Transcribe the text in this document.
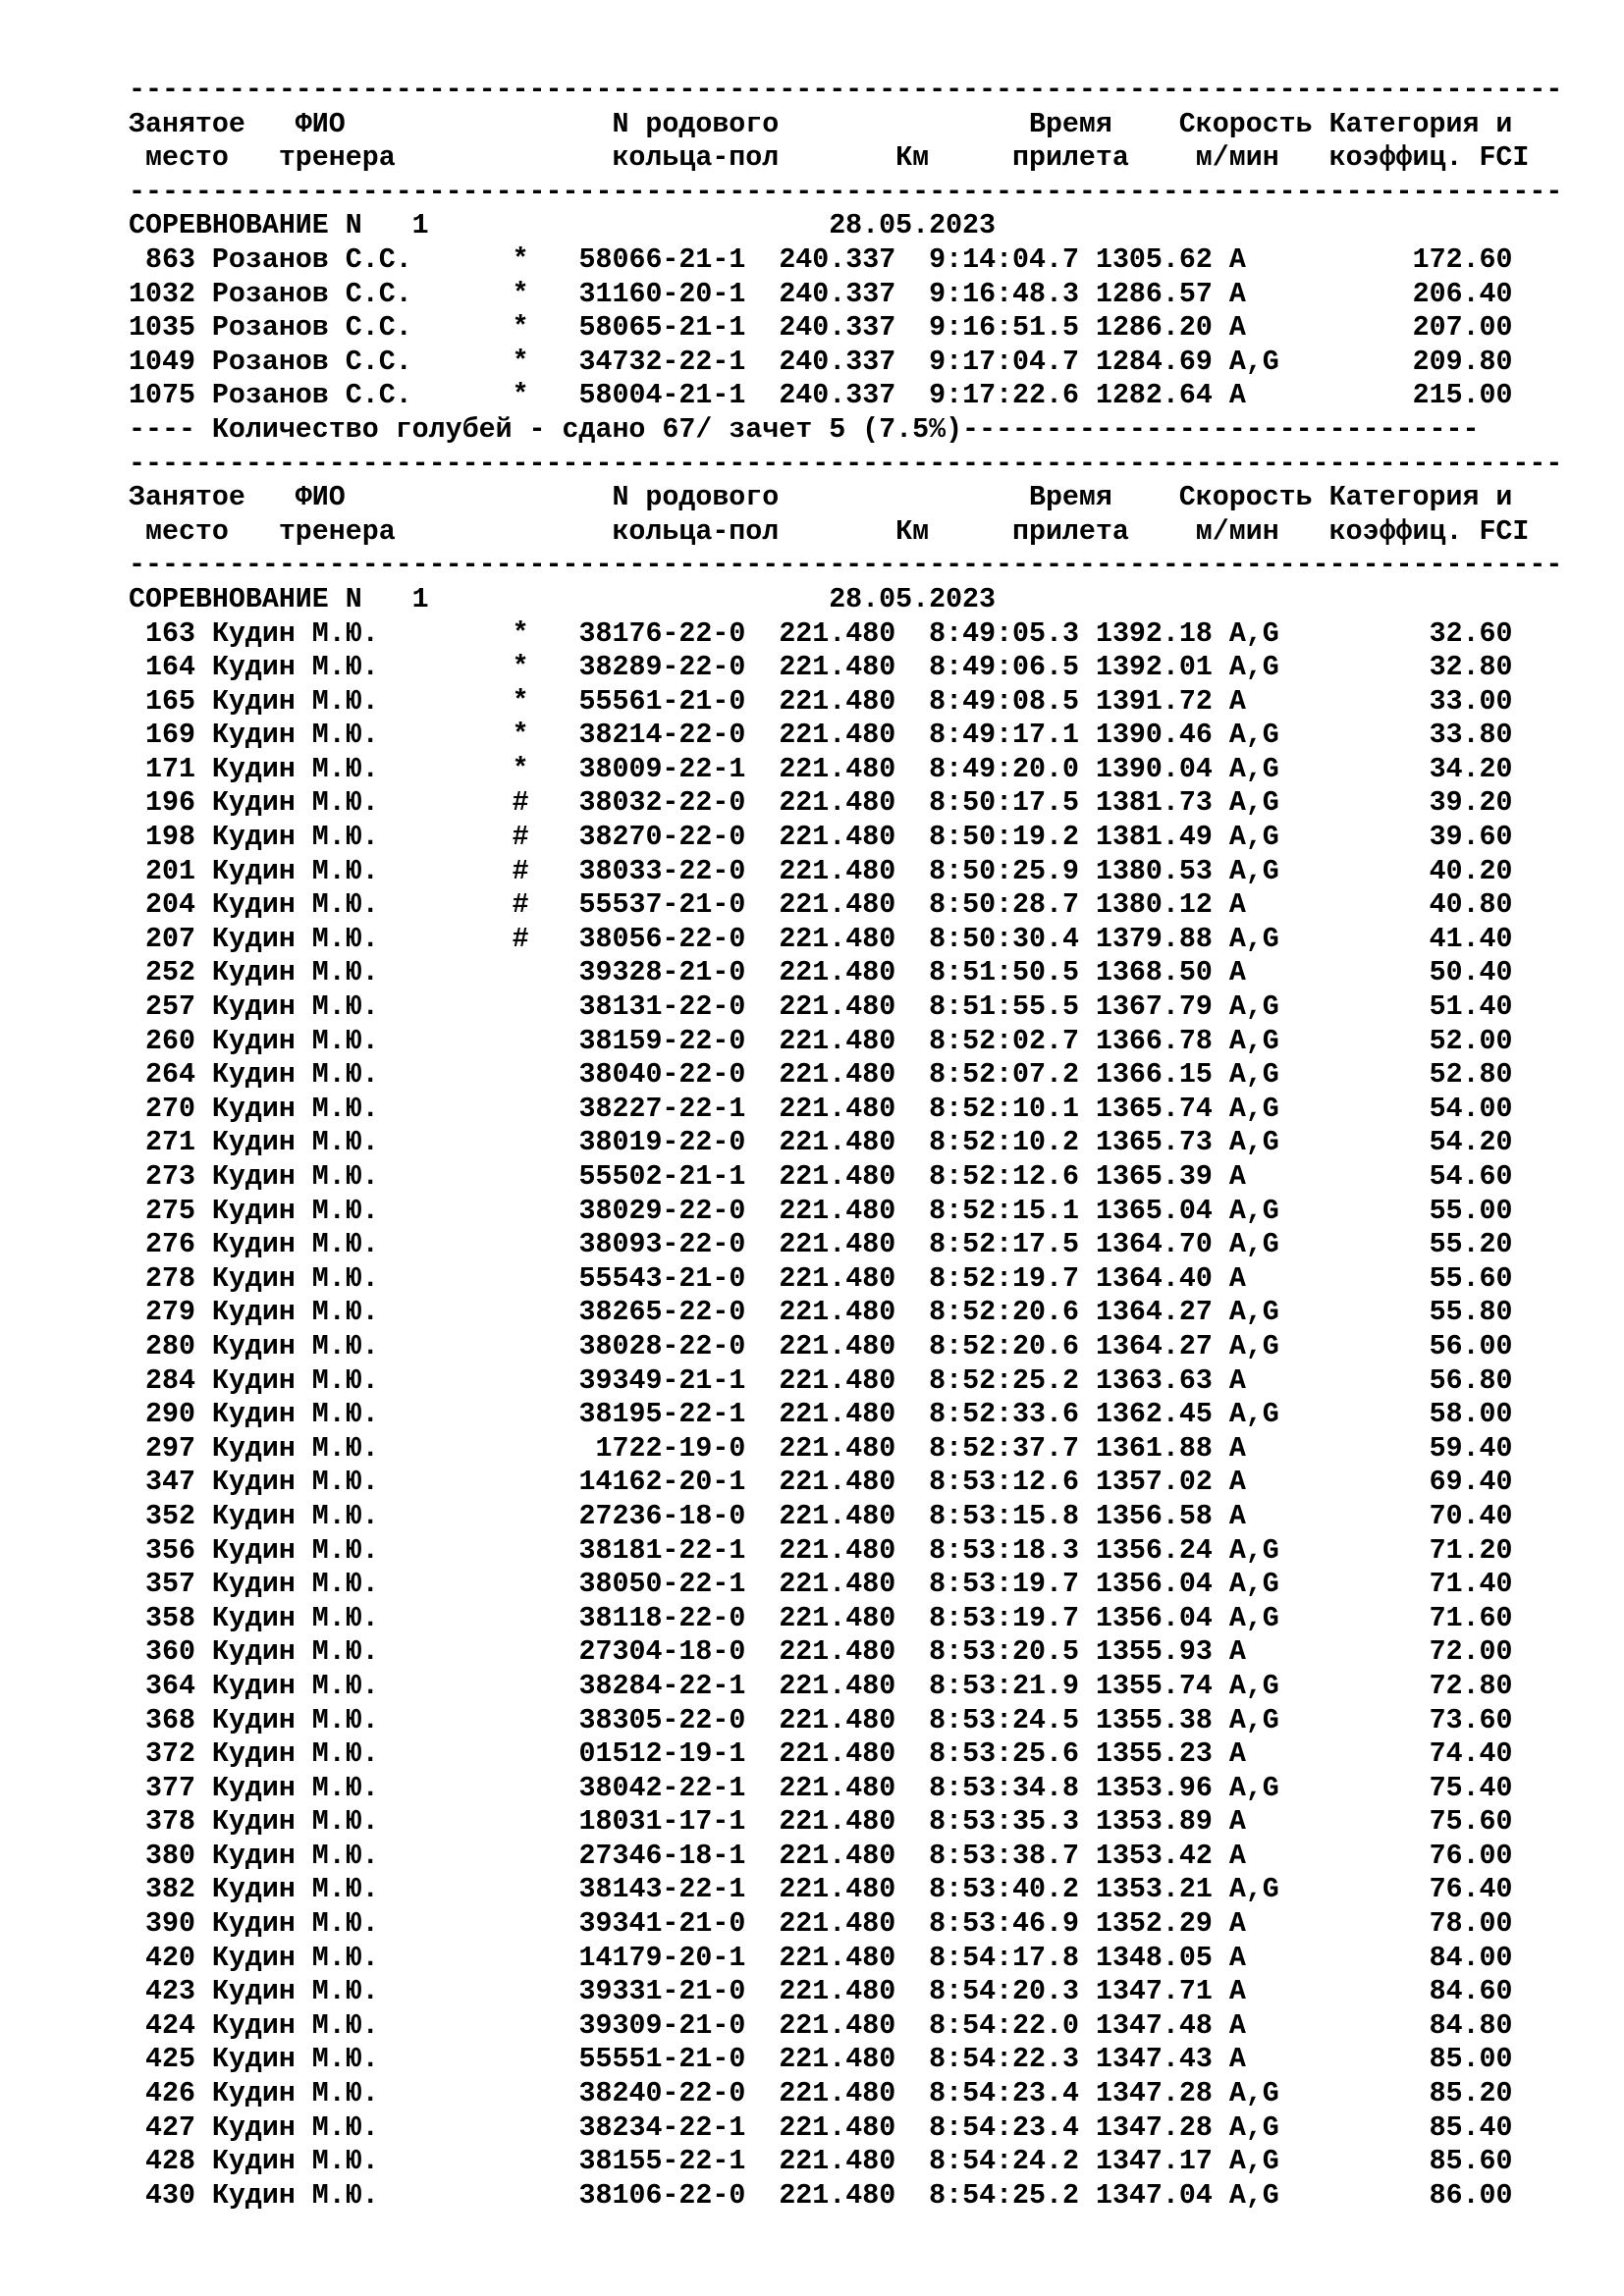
--------------------------------------------------------------------------------------
Занятое   ФИО                N родового               Время    Скорость Категория и
место   тренера             кольца-пол       Км     прилета    м/мин   коэффиц. FCI
--------------------------------------------------------------------------------------
СОРЕВНОВАНИЕ N   1                        28.05.2023
863 Розанов С.С.	*   58066-21-1 240.337 9:14:04.7 1305.62 A          172.60
1032 Розанов С.С.	*   31160-20-1 240.337 9:16:48.3 1286.57 A          206.40
1035 Розанов С.С.	*   58065-21-1 240.337 9:16:51.5 1286.20 A          207.00
1049 Розанов С.С.	*   34732-22-1 240.337 9:17:04.7 1284.69 A,G        209.80
1075 Розанов С.С.	*   58004-21-1 240.337 9:17:22.6 1282.64 A          215.00
---- Количество голубей - сдано 67/ зачет 5 (7.5%)-------------------------------
--------------------------------------------------------------------------------------
Занятое   ФИО                N родового               Время    Скорость Категория и
место   тренера             кольца-пол       Км     прилета    м/мин   коэффиц. FCI
--------------------------------------------------------------------------------------
СОРЕВНОВАНИЕ N   1                        28.05.2023
163 Кудин М.Ю.	*   38176-22-0 221.480 8:49:05.3 1392.18 A,G         32.60
164 Кудин М.Ю.	*   38289-22-0 221.480 8:49:06.5 1392.01 A,G         32.80
165 Кудин М.Ю.	*   55561-21-0 221.480 8:49:08.5 1391.72 A           33.00
169 Кудин М.Ю.	*   38214-22-0 221.480 8:49:17.1 1390.46 A,G         33.80
171 Кудин М.Ю.	*   38009-22-1 221.480 8:49:20.0 1390.04 A,G         34.20
196 Кудин М.Ю.	#   38032-22-0 221.480 8:50:17.5 1381.73 A,G         39.20
198 Кудин М.Ю.	#   38270-22-0 221.480 8:50:19.2 1381.49 A,G         39.60
201 Кудин М.Ю.	#   38033-22-0 221.480 8:50:25.9 1380.53 A,G         40.20
204 Кудин М.Ю.	#   55537-21-0 221.480 8:50:28.7 1380.12 A           40.80
207 Кудин М.Ю.	#   38056-22-0 221.480 8:50:30.4 1379.88 A,G         41.40
252 Кудин М.Ю.	39328-21-0 221.480 8:51:50.5 1368.50 A           50.40
257 Кудин М.Ю.	38131-22-0 221.480 8:51:55.5 1367.79 A,G         51.40
260 Кудин М.Ю.	38159-22-0 221.480 8:52:02.7 1366.78 A,G         52.00
264 Кудин М.Ю.	38040-22-0 221.480 8:52:07.2 1366.15 A,G         52.80
270 Кудин М.Ю.	38227-22-1 221.480 8:52:10.1 1365.74 A,G         54.00
271 Кудин М.Ю.	38019-22-0 221.480 8:52:10.2 1365.73 A,G         54.20
273 Кудин М.Ю.	55502-21-1 221.480 8:52:12.6 1365.39 A           54.60
275 Кудин М.Ю.	38029-22-0 221.480 8:52:15.1 1365.04 A,G         55.00
276 Кудин М.Ю.	38093-22-0 221.480 8:52:17.5 1364.70 A,G         55.20
278 Кудин М.Ю.	55543-21-0 221.480 8:52:19.7 1364.40 A           55.60
279 Кудин М.Ю.	38265-22-0 221.480 8:52:20.6 1364.27 A,G         55.80
280 Кудин М.Ю.	38028-22-0 221.480 8:52:20.6 1364.27 A,G         56.00
284 Кудин М.Ю.	39349-21-1 221.480 8:52:25.2 1363.63 A           56.80
290 Кудин М.Ю.	38195-22-1 221.480 8:52:33.6 1362.45 A,G         58.00
297 Кудин М.Ю.	1722-19-0 221.480 8:52:37.7 1361.88 A           59.40
347 Кудин М.Ю.	14162-20-1 221.480 8:53:12.6 1357.02 A           69.40
352 Кудин М.Ю.	27236-18-0 221.480 8:53:15.8 1356.58 A           70.40
356 Кудин М.Ю.	38181-22-1 221.480 8:53:18.3 1356.24 A,G         71.20
357 Кудин М.Ю.	38050-22-1 221.480 8:53:19.7 1356.04 A,G         71.40
358 Кудин М.Ю.	38118-22-0 221.480 8:53:19.7 1356.04 A,G         71.60
360 Кудин М.Ю.	27304-18-0 221.480 8:53:20.5 1355.93 A           72.00
364 Кудин М.Ю.	38284-22-1 221.480 8:53:21.9 1355.74 A,G         72.80
368 Кудин М.Ю.	38305-22-0 221.480 8:53:24.5 1355.38 A,G         73.60
372 Кудин М.Ю.	01512-19-1 221.480 8:53:25.6 1355.23 A           74.40
377 Кудин М.Ю.	38042-22-1 221.480 8:53:34.8 1353.96 A,G         75.40
378 Кудин М.Ю.	18031-17-1 221.480 8:53:35.3 1353.89 A           75.60
380 Кудин М.Ю.	27346-18-1 221.480 8:53:38.7 1353.42 A           76.00
382 Кудин М.Ю.	38143-22-1 221.480 8:53:40.2 1353.21 A,G         76.40
390 Кудин М.Ю.	39341-21-0 221.480 8:53:46.9 1352.29 A           78.00
420 Кудин М.Ю.	14179-20-1 221.480 8:54:17.8 1348.05 A           84.00
423 Кудин М.Ю.	39331-21-0 221.480 8:54:20.3 1347.71 A           84.60
424 Кудин М.Ю.	39309-21-0 221.480 8:54:22.0 1347.48 A           84.80
425 Кудин М.Ю.	55551-21-0 221.480 8:54:22.3 1347.43 A           85.00
426 Кудин М.Ю.	38240-22-0 221.480 8:54:23.4 1347.28 A,G         85.20
427 Кудин М.Ю.	38234-22-1 221.480 8:54:23.4 1347.28 A,G         85.40
428 Кудин М.Ю.	38155-22-1 221.480 8:54:24.2 1347.17 A,G         85.60
430 Кудин М.Ю.	38106-22-0 221.480 8:54:25.2 1347.04 A,G         86.00
